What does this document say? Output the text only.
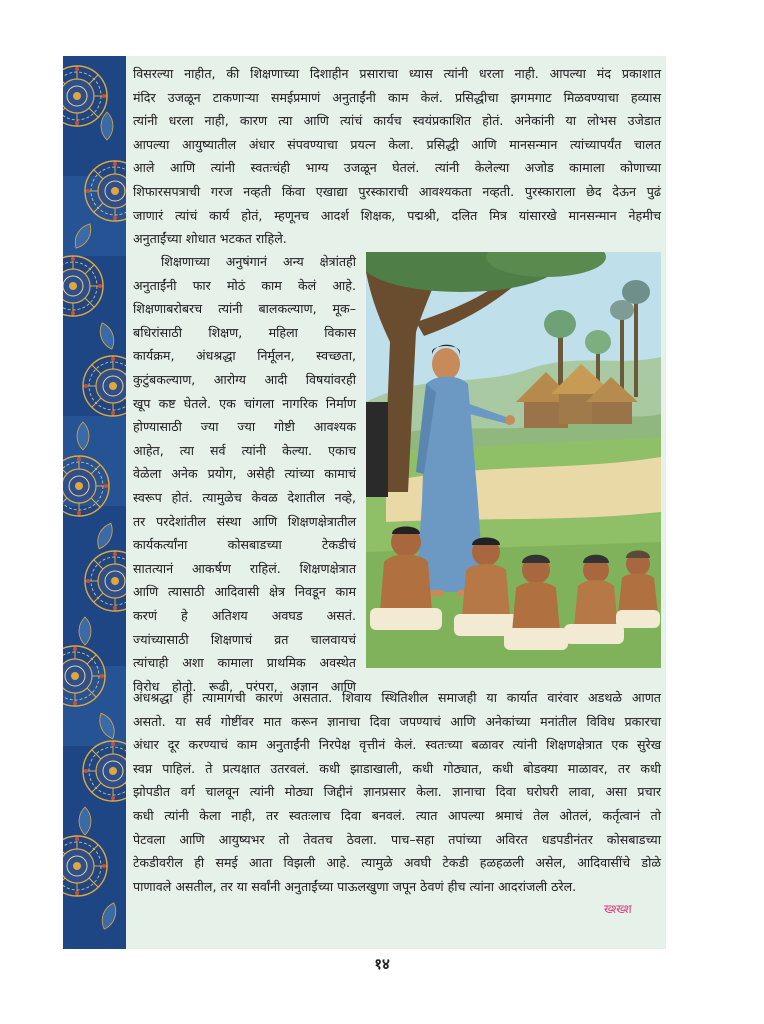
विसरल्या नाहीत, की शिक्षणाच्या दिशाहीन प्रसाराचा ध्यास त्यांनी धरला नाही. आपल्या मंद प्रकाशात
मंदिर उजळून टाकणाऱ्या समईप्रमाणं अनुताईंनी काम केलं. प्रसिद्धीचा झगमगाट मिळवण्याचा हव्यास
त्यांनी धरला नाही, कारण त्या आणि त्यांचं कार्यच स्वयंप्रकाशित होतं. अनेकांनी या लोभस उजेडात
आपल्या आयुष्यातील अंधार संपवण्याचा प्रयत्न केला. प्रसिद्धी आणि मानसन्मान त्यांच्यापर्यंत चालत
आले आणि त्यांनी स्वतःचंही भाग्य उजळून घेतलं. त्यांनी केलेल्या अजोड कामाला कोणाच्या
शिफारसपत्राची गरज नव्हती किंवा एखाद्या पुरस्काराची आवश्यकता नव्हती. पुरस्काराला छेद देऊन पुढं
जाणारं त्यांचं कार्य होतं, म्हणूनच आदर्श शिक्षक, पद्मश्री, दलित मित्र यांसारखे मानसन्मान नेहमीच
अनुताईंच्या शोधात भटकत राहिले.

शिक्षणाच्या अनुषंगानं अन्य क्षेत्रांतही
अनुताईंनी फार मोठं काम केलं आहे.
शिक्षणाबरोबरच त्यांनी बालकल्याण, मूक–
बधिरांसाठी शिक्षण, महिला विकास
कार्यक्रम, अंधश्रद्धा निर्मूलन, स्वच्छता,
कुटुंबकल्याण, आरोग्य आदी विषयांवरही
खूप कष्ट घेतले. एक चांगला नागरिक निर्माण
होण्यासाठी ज्या ज्या गोष्टी आवश्यक
आहेत, त्या सर्व त्यांनी केल्या. एकाच
वेळेला अनेक प्रयोग, असेही त्यांच्या कामाचं
स्वरूप होतं. त्यामुळेच केवळ देशातील नव्हे,
तर परदेशांतील संस्था आणि शिक्षणक्षेत्रातील
कार्यकर्त्यांना कोसबाडच्या टेकडीचं
सातत्यानं आकर्षण राहिलं. शिक्षणक्षेत्रात
आणि त्यासाठी आदिवासी क्षेत्र निवडून काम
करणं हे अतिशय अवघड असतं.
ज्यांच्यासाठी शिक्षणाचं व्रत चालवायचं
त्यांचाही अशा कामाला प्राथमिक अवस्थेत
विरोध होतो. रूढी, परंपरा, अज्ञान आणि

अंधश्रद्धा ही त्यामागची कारणं असतात. शिवाय स्थितिशील समाजही या कार्यात वारंवार अडथळे आणत
असतो. या सर्व गोष्टींवर मात करून ज्ञानाचा दिवा जपण्याचं आणि अनेकांच्या मनांतील विविध प्रकारचा
अंधार दूर करण्याचं काम अनुताईंनी निरपेक्ष वृत्तीनं केलं. स्वतःच्या बळावर त्यांनी शिक्षणक्षेत्रात एक सुरेख
स्वप्न पाहिलं. ते प्रत्यक्षात उतरवलं. कधी झाडाखाली, कधी गोठ्यात, कधी बोडक्या माळावर, तर कधी
झोपडीत वर्ग चालवून त्यांनी मोठ्या जिद्दीनं ज्ञानप्रसार केला. ज्ञानाचा दिवा घरोघरी लावा, असा प्रचार
कधी त्यांनी केला नाही, तर स्वतःलाच दिवा बनवलं. त्यात आपल्या श्रमाचं तेल ओतलं, कर्तृत्वानं तो
पेटवला आणि आयुष्यभर तो तेवतच ठेवला. पाच–सहा तपांच्या अविरत धडपडीनंतर कोसबाडच्या
टेकडीवरील ही समई आता विझली आहे. त्यामुळे अवघी टेकडी हळहळली असेल, आदिवासींचे डोळे
पाणावले असतील, तर या सर्वांनी अनुताईंच्या पाऊलखुणा जपून ठेवणं हीच त्यांना आदरांजली ठरेल.

ख्श्ख्श
१४
